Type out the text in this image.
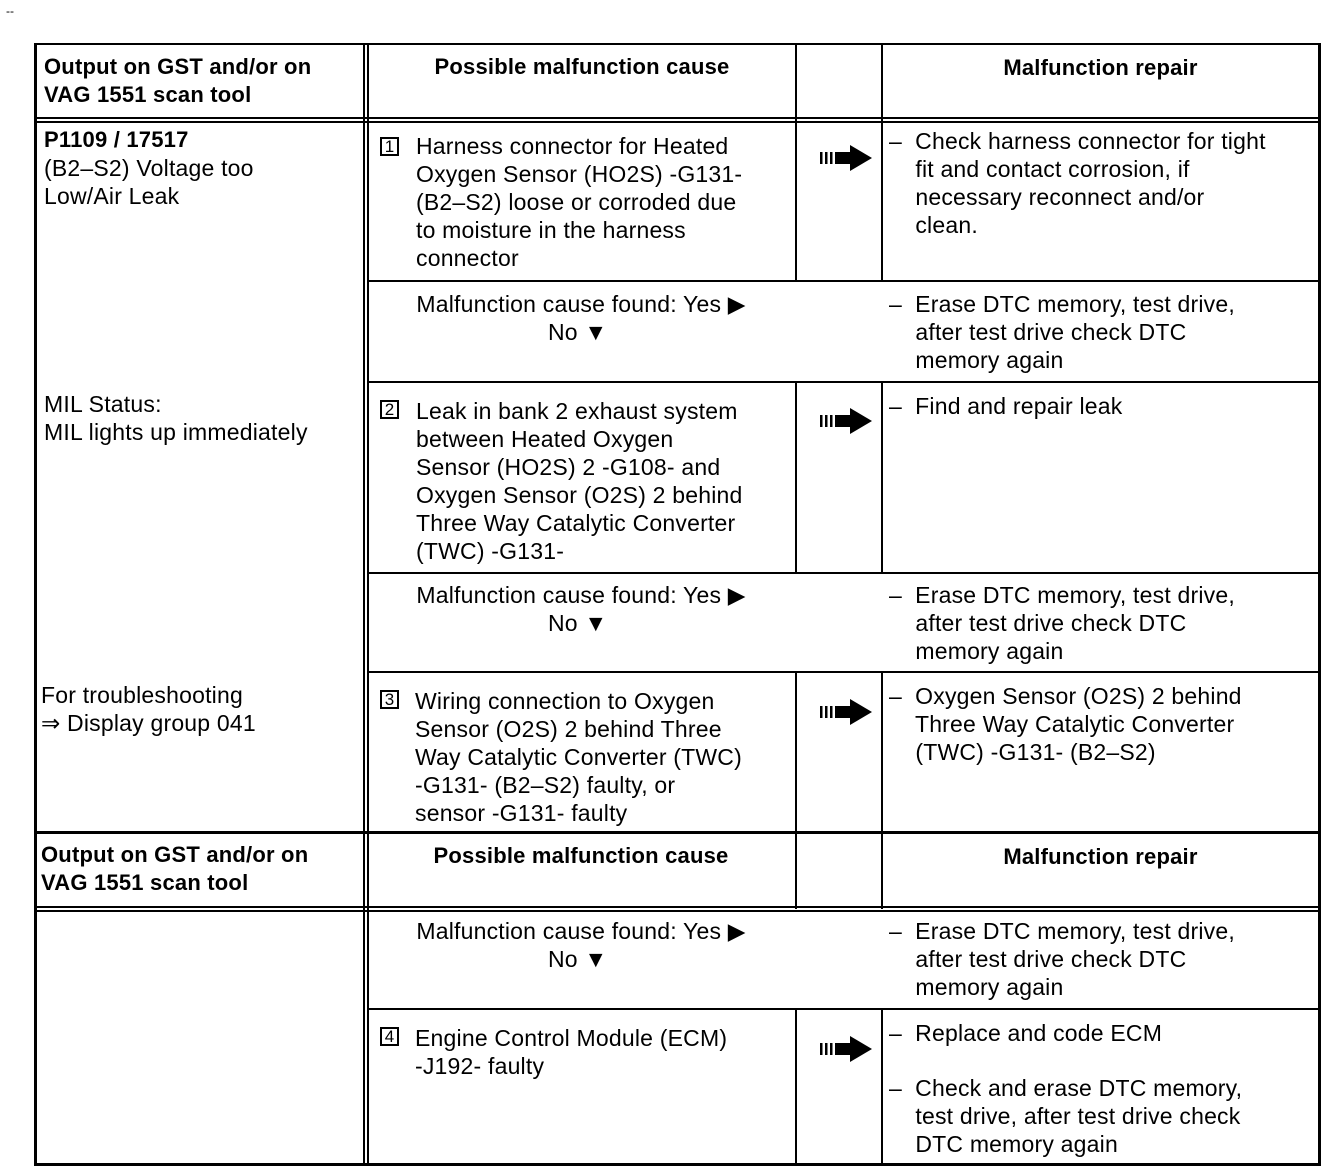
--
Output on GST and/or on
VAG 1551 scan tool
Possible malfunction cause	Malfunction repair
P1109 / 17517
(B2–S2) Voltage too
Low/Air Leak
MIL Status:
MIL lights up immediately
For troubleshooting
⇒ Display group 041
1 Harness connector for Heated
Oxygen Sensor (HO2S) -G131-
(B2–S2) loose or corroded due
to moisture in the harness
connector
–  Check harness connector for tight
fit and contact corrosion, if
necessary reconnect and/or
clean.
Malfunction cause found: Yes ▶
No ▼
–  Erase DTC memory, test drive,
after test drive check DTC
memory again
2 Leak in bank 2 exhaust system
between Heated Oxygen
Sensor (HO2S) 2 -G108- and
Oxygen Sensor (O2S) 2 behind
Three Way Catalytic Converter
(TWC) -G131-
–  Find and repair leak
Malfunction cause found: Yes ▶
No ▼
–  Erase DTC memory, test drive,
after test drive check DTC
memory again
3 Wiring connection to Oxygen
Sensor (O2S) 2 behind Three
Way Catalytic Converter (TWC)
-G131- (B2–S2) faulty, or
sensor -G131- faulty
–  Oxygen Sensor (O2S) 2 behind
Three Way Catalytic Converter
(TWC) -G131- (B2–S2)
Output on GST and/or on
VAG 1551 scan tool
Possible malfunction cause	Malfunction repair
Malfunction cause found: Yes ▶
No ▼
–  Erase DTC memory, test drive,
after test drive check DTC
memory again
4 Engine Control Module (ECM)
-J192- faulty
–  Replace and code ECM
–  Check and erase DTC memory,
test drive, after test drive check
DTC memory again
